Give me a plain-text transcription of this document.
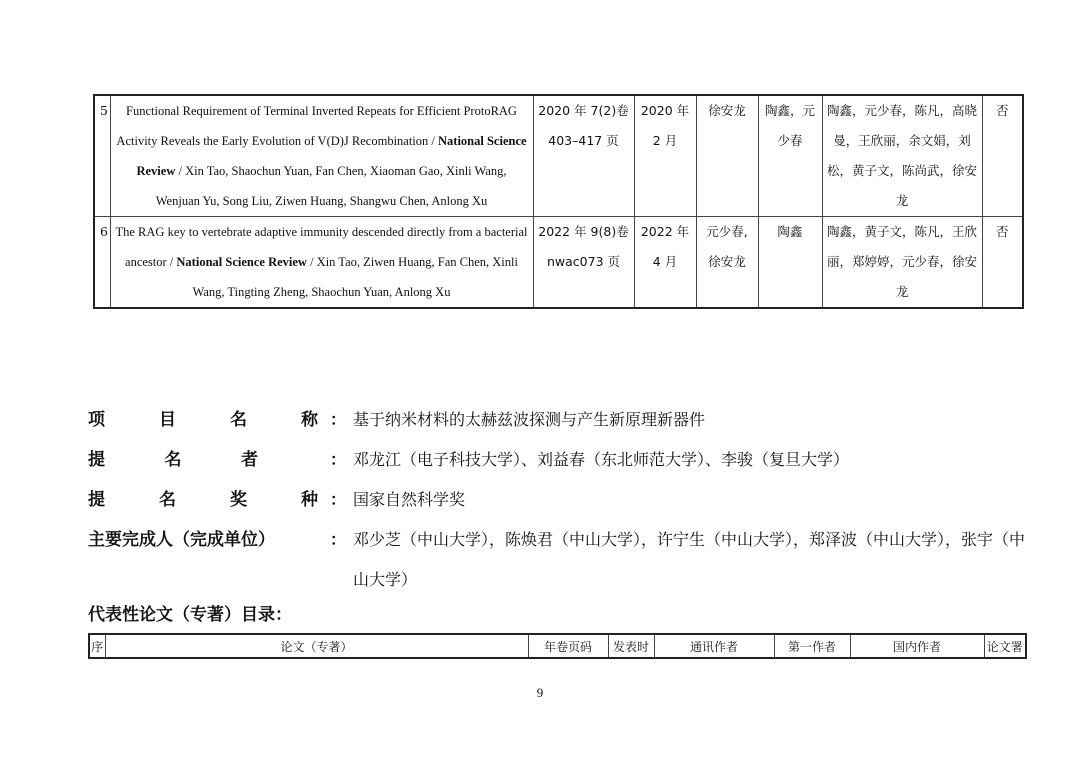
5	Functional Requirement of Terminal Inverted Repeats for Efficient ProtoRAG Activity Reveals the Early Evolution of V(D)J Recombination / National Science Review / Xin Tao, Shaochun Yuan, Fan Chen, Xiaoman Gao, Xinli Wang, Wenjuan Yu, Song Liu, Ziwen Huang, Shangwu Chen, Anlong Xu	2020 年 7(2)卷 403–417 页	2020 年 2 月	徐安龙	陶鑫，元少春	陶鑫，元少春，陈凡，高晓曼，王欣丽，余文娟，刘松，黄子文，陈尚武，徐安龙	否
6	The RAG key to vertebrate adaptive immunity descended directly from a bacterial ancestor / National Science Review / Xin Tao, Ziwen Huang, Fan Chen, Xinli Wang, Tingting Zheng, Shaochun Yuan, Anlong Xu	2022 年 9(8)卷 nwac073 页	2022 年 4 月	元少春,徐安龙	陶鑫	陶鑫，黄子文，陈凡，王欣丽，郑婷婷，元少春，徐安龙	否
项	目	名	称 ： 基于纳米材料的太赫兹波探测与产生新原理新器件
提	名	者	： 邓龙江（电子科技大学）、刘益春（东北师范大学）、李骏（复旦大学）
提	名	奖	种 ： 国家自然科学奖
主要完成人（完成单位）	： 邓少芝（中山大学），陈焕君（中山大学），许宁生（中山大学），郑泽波（中山大学），张宇（中山大学）
代表性论文（专著）目录：
序	论文（专著）	年卷页码	发表时	通讯作者	第一作者	国内作者	论文署
9
